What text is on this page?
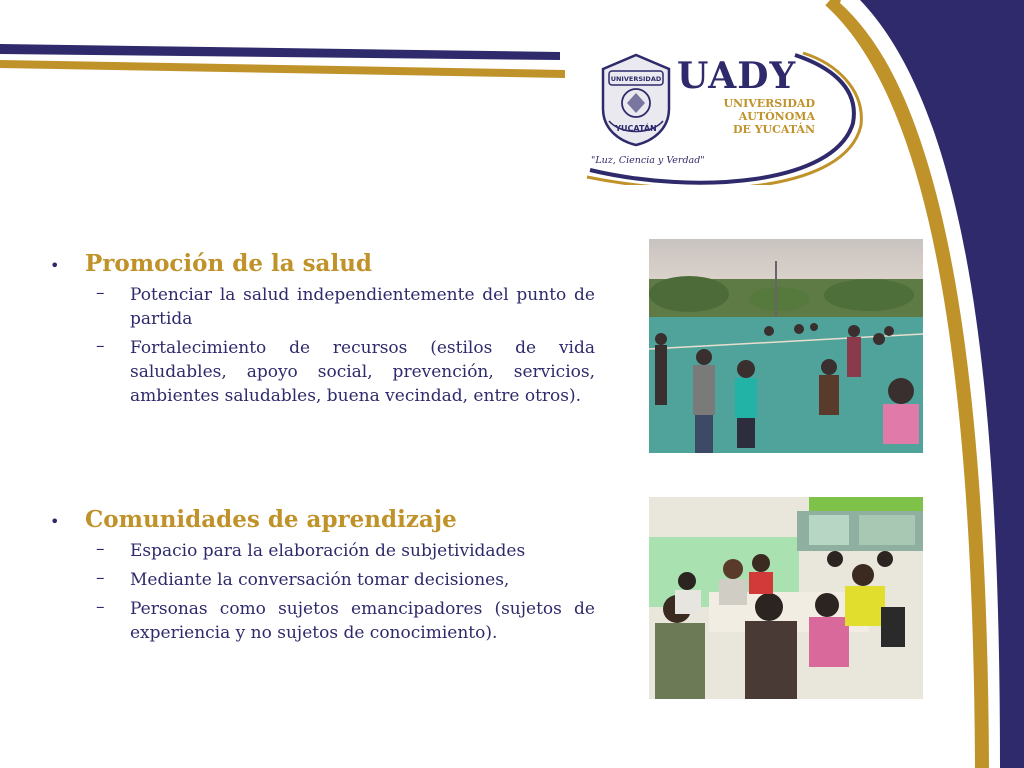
UNIVERSIDAD
YUCATÁN
UADY
UNIVERSIDAD
AUTÓNOMA
DE YUCATÁN
"Luz, Ciencia y Verdad"
•	Promoción de la salud
–	Potenciar la salud independientemente del punto de partida
–	Fortalecimiento de recursos (estilos de vida saludables, apoyo social, prevención, servicios, ambientes saludables, buena vecindad, entre otros).
•	Comunidades de aprendizaje
–	Espacio para la elaboración de subjetividades
–	Mediante la conversación tomar decisiones,
–	Personas como sujetos emancipadores (sujetos de experiencia y no sujetos de conocimiento).
